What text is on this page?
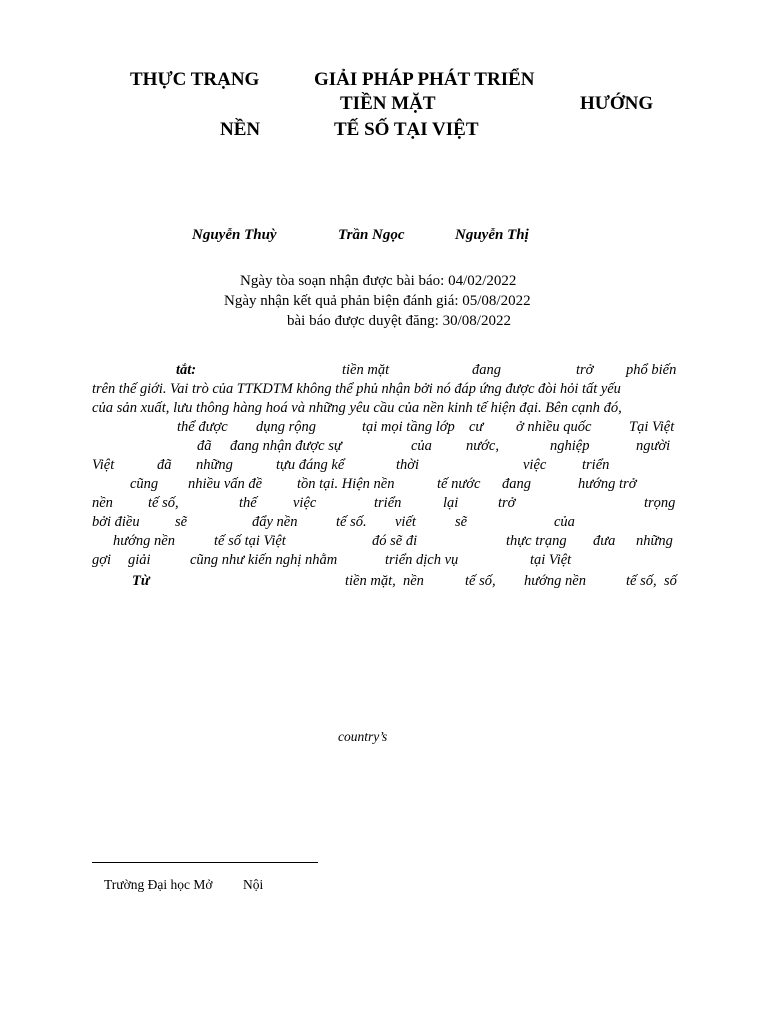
THỰC TRẠNG	GIẢI PHÁP PHÁT TRIỂN
TIỀN MẶT	HƯỚNG
NỀN	TẾ SỐ TẠI VIỆT
Nguyễn Thuỳ	Trần Ngọc	Nguyễn Thị
Ngày tòa soạn nhận được bài báo: 04/02/2022
Ngày nhận kết quả phản biện đánh giá: 05/08/2022
bài báo được duyệt đăng: 30/08/2022
tắt:	tiền mặt	đang	trở phổ biến
trên thế giới. Vai trò của TTKDTM không thể phủ nhận bởi nó đáp ứng được đòi hỏi tất yếu
của sản xuất, lưu thông hàng hoá và những yêu cầu của nền kinh tế hiện đại. Bên cạnh đó,
thể được dụng rộng	tại mọi tầng lớp cư ở nhiều quốc	Tại Việt
đã đang nhận được sự	của nước,	nghiệp	người
Việt	đã những	tựu đáng kể	thời	việc triển
cũng nhiều vấn đề tồn tại. Hiện nền	tế nước đang	hướng trở
nền tế số,	thế	việc	triển	lại	trở	trọng
bởi điều sẽ	đẩy nền	tế số. viết	sẽ	của
hướng nền	tế số tại Việt	đó sẽ đi	thực trạng đưa những
gợi giải	cũng như kiến nghị nhằm	triển dịch vụ	tại Việt
Từ	tiền mặt, nền	tế số, hướng nền	tế số, số
country’s
Trường Đại học Mở Nội
